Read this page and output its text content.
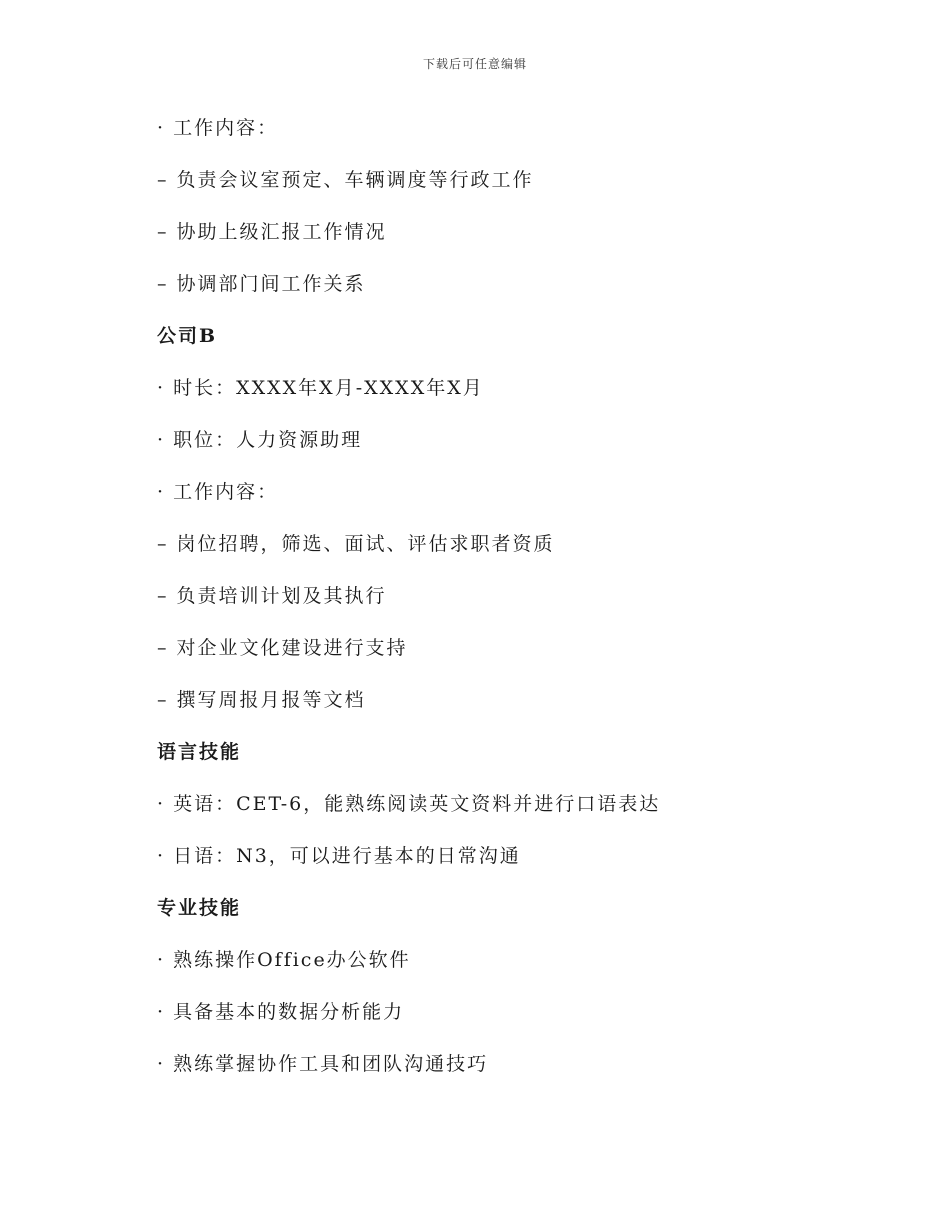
下载后可任意编辑
· 工作内容：
– 负责会议室预定、车辆调度等行政工作
– 协助上级汇报工作情况
– 协调部门间工作关系
公司B
· 时长：XXXX年X月-XXXX年X月
· 职位：人力资源助理
· 工作内容：
– 岗位招聘，筛选、面试、评估求职者资质
– 负责培训计划及其执行
– 对企业文化建设进行支持
– 撰写周报月报等文档
语言技能
· 英语：CET-6，能熟练阅读英文资料并进行口语表达
· 日语：N3，可以进行基本的日常沟通
专业技能
· 熟练操作Office办公软件
· 具备基本的数据分析能力
· 熟练掌握协作工具和团队沟通技巧
